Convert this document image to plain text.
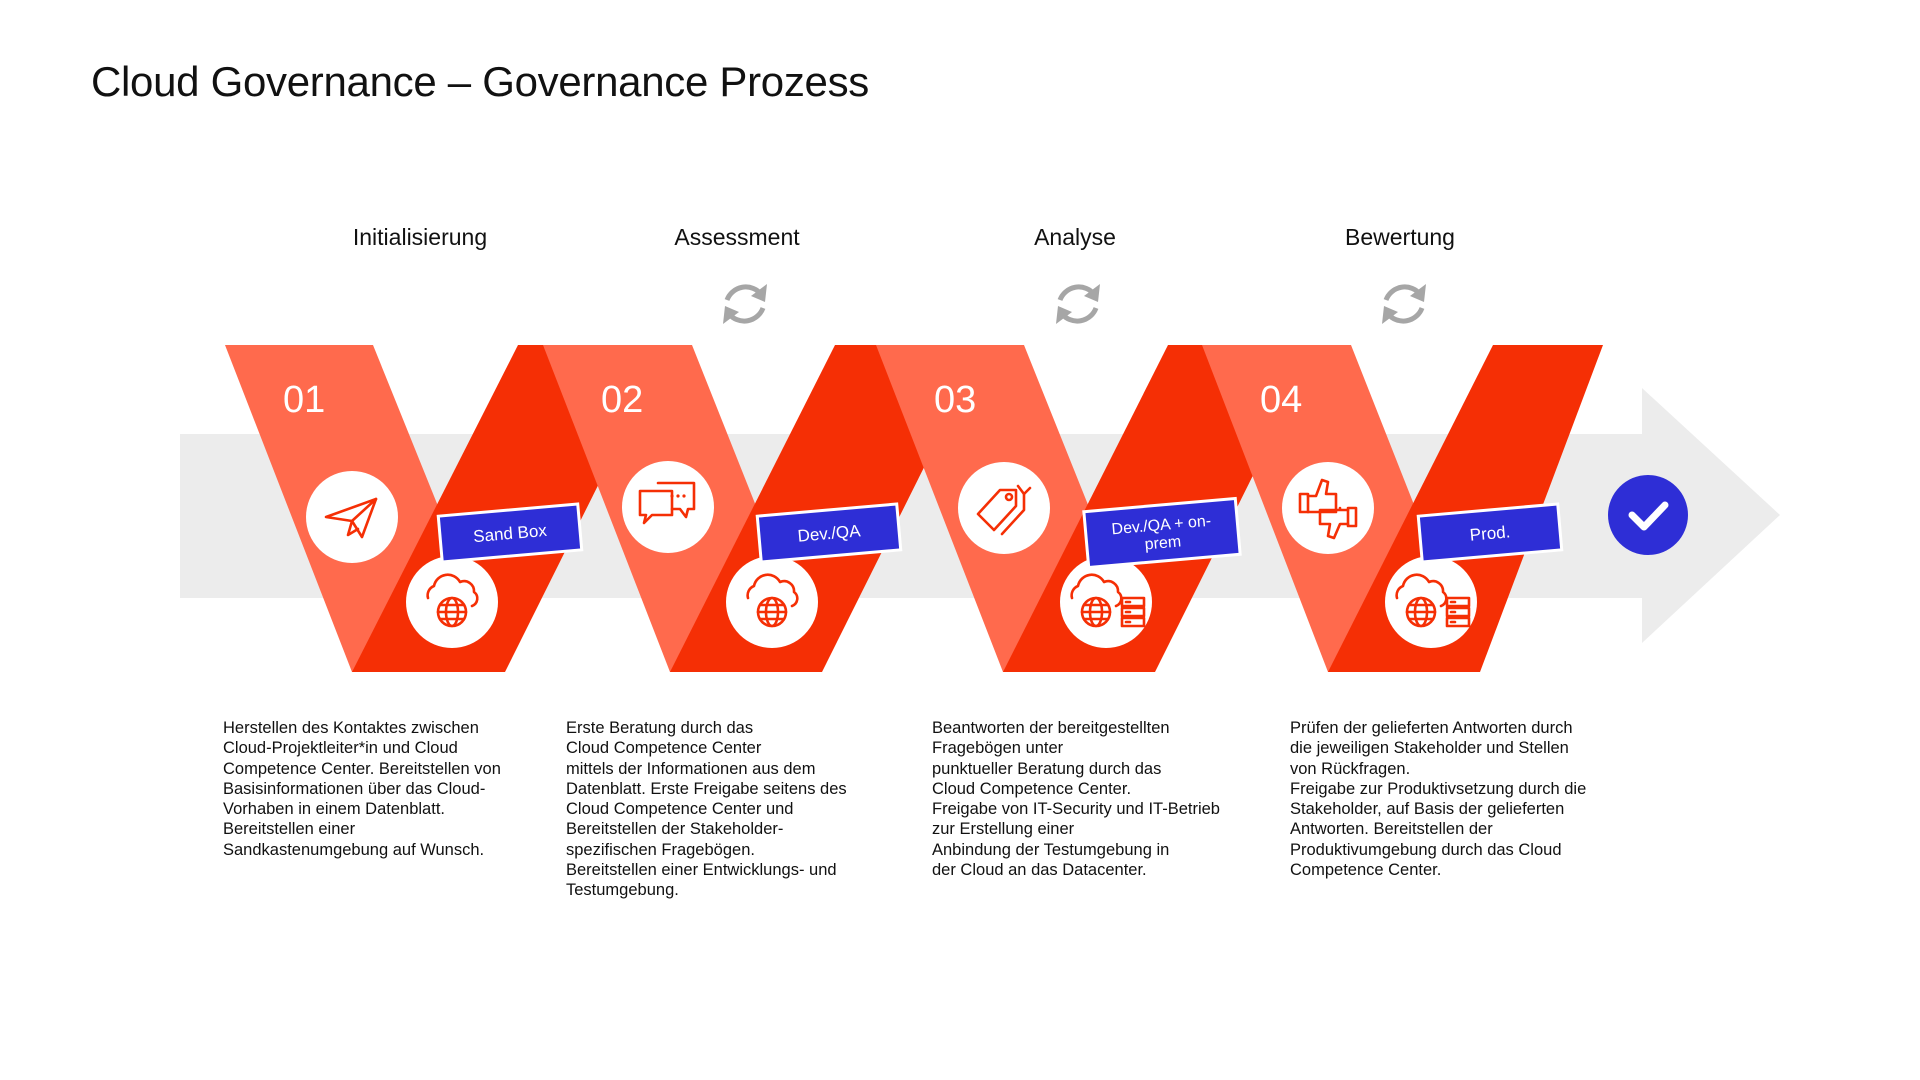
Cloud Governance – Governance Prozess
Initialisierung	Assessment	Analyse	Bewertung
01
Sand Box
02
Dev./QA
03
Dev./QA + on-prem
04
Prod.
Herstellen des Kontaktes zwischen
Cloud-Projektleiter*in und Cloud
Competence Center. Bereitstellen von
Basisinformationen über das Cloud-
Vorhaben in einem Datenblatt.
Bereitstellen einer
Sandkastenumgebung auf Wunsch.
Erste Beratung durch das
Cloud Competence Center
mittels der Informationen aus dem
Datenblatt. Erste Freigabe seitens des
Cloud Competence Center und
Bereitstellen der Stakeholder-
spezifischen Fragebögen.
Bereitstellen einer Entwicklungs- und
Testumgebung.
Beantworten der bereitgestellten
Fragebögen unter
punktueller Beratung durch das
Cloud Competence Center.
Freigabe von IT-Security und IT-Betrieb
zur Erstellung einer
Anbindung der Testumgebung in
der Cloud an das Datacenter.
Prüfen der gelieferten Antworten durch
die jeweiligen Stakeholder und Stellen
von Rückfragen.
Freigabe zur Produktivsetzung durch die
Stakeholder, auf Basis der gelieferten
Antworten. Bereitstellen der
Produktivumgebung durch das Cloud
Competence Center.
